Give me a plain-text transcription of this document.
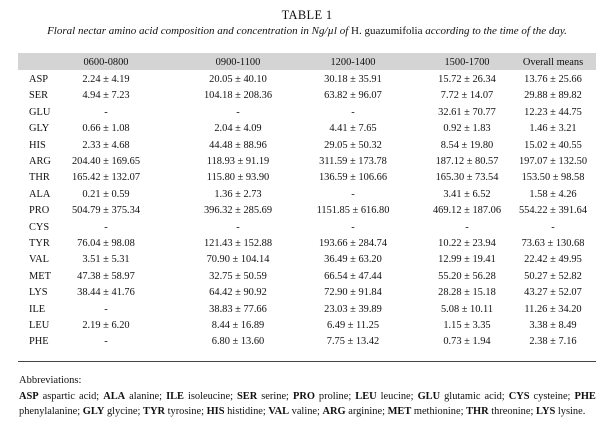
TABLE 1
Floral nectar amino acid composition and concentration in Ng/µl of H. guazumifolia according to the time of the day.
0600-0800	0900-1100	1200-1400	1500-1700	Overall means
ASP	2.24 ± 4.19	20.05 ± 40.10	30.18 ± 35.91	15.72 ± 26.34	13.76 ± 25.66
SER	4.94 ± 7.23	104.18 ± 208.36	63.82 ± 96.07	7.72 ± 14.07	29.88 ± 89.82
GLU	-	-	-	32.61 ± 70.77	12.23 ± 44.75
GLY	0.66 ± 1.08	2.04 ± 4.09	4.41 ± 7.65	0.92 ± 1.83	1.46 ± 3.21
HIS	2.33 ± 4.68	44.48 ± 88.96	29.05 ± 50.32	8.54 ± 19.80	15.02 ± 40.55
ARG	204.40 ± 169.65	118.93 ± 91.19	311.59 ± 173.78	187.12 ± 80.57	197.07 ± 132.50
THR	165.42 ± 132.07	115.80 ± 93.90	136.59 ± 106.66	165.30 ± 73.54	153.50 ± 98.58
ALA	0.21 ± 0.59	1.36 ± 2.73	-	3.41 ± 6.52	1.58 ± 4.26
PRO	504.79 ± 375.34	396.32 ± 285.69	1151.85 ± 616.80	469.12 ± 187.06	554.22 ± 391.64
CYS	-	-	-	-	-
TYR	76.04 ± 98.08	121.43 ± 152.88	193.66 ± 284.74	10.22 ± 23.94	73.63 ± 130.68
VAL	3.51 ± 5.31	70.90 ± 104.14	36.49 ± 63.20	12.99 ± 19.41	22.42 ± 49.95
MET	47.38 ± 58.97	32.75 ± 50.59	66.54 ± 47.44	55.20 ± 56.28	50.27 ± 52.82
LYS	38.44 ± 41.76	64.42 ± 90.92	72.90 ± 91.84	28.28 ± 15.18	43.27 ± 52.07
ILE	-	38.83 ± 77.66	23.03 ± 39.89	5.08 ± 10.11	11.26 ± 34.20
LEU	2.19 ± 6.20	8.44 ± 16.89	6.49 ± 11.25	1.15 ± 3.35	3.38 ± 8.49
PHE	-	6.80 ± 13.60	7.75 ± 13.42	0.73 ± 1.94	2.38 ± 7.16
Abbreviations:
ASP aspartic acid; ALA alanine; ILE isoleucine; SER serine; PRO proline; LEU leucine; GLU glutamic acid; CYS cysteine; PHE phenylalanine; GLY glycine; TYR tyrosine; HIS histidine; VAL valine; ARG arginine; MET methionine; THR threonine; LYS lysine.
